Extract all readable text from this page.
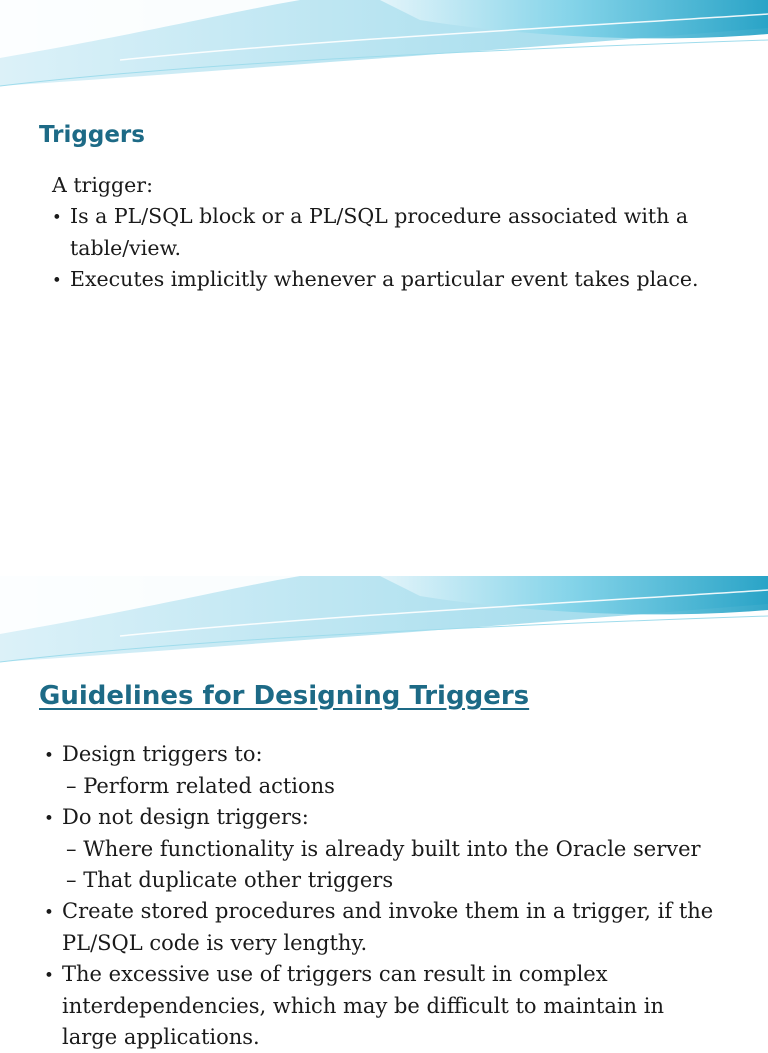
Triggers
A trigger:
• Is a PL/SQL block or a PL/SQL procedure associated with a
table/view.
• Executes implicitly whenever a particular event takes place.
Guidelines for Designing Triggers
• Design triggers to:
– Perform related actions
• Do not design triggers:
– Where functionality is already built into the Oracle server
– That duplicate other triggers
• Create stored procedures and invoke them in a trigger, if the
PL/SQL code is very lengthy.
• The excessive use of triggers can result in complex
interdependencies, which may be difficult to maintain in
large applications.
